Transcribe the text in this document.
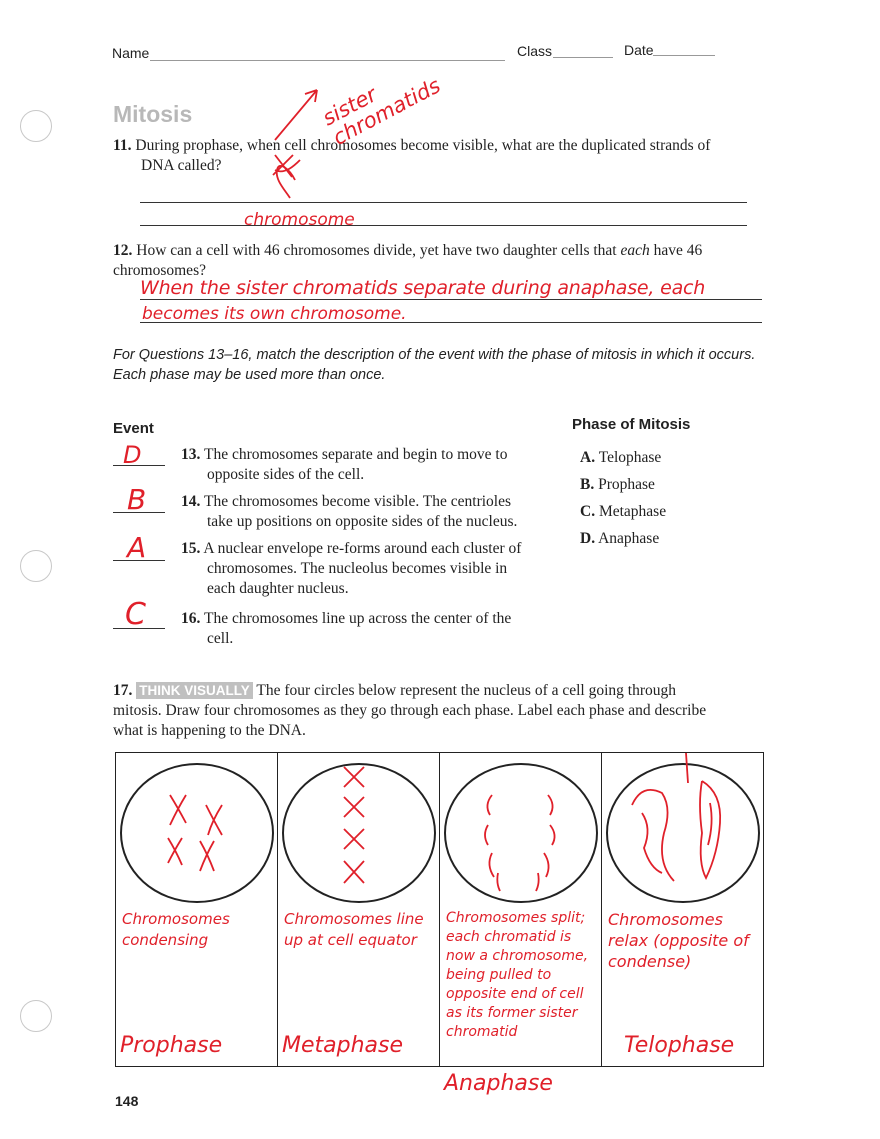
Name	Class	Date
Mitosis
11. During prophase, when cell chromosomes become visible, what are the duplicated strands of
DNA called?
sister chromatids
chromosome
12. How can a cell with 46 chromosomes divide, yet have two daughter cells that each have 46
chromosomes?
When the sister chromatids separate during anaphase, each
becomes its own chromosome.
For Questions 13–16, match the description of the event with the phase of mitosis in which it occurs. Each phase may be used more than once.
Event	Phase of Mitosis
D	13. The chromosomes separate and begin to move to
opposite sides of the cell.
B 14. The chromosomes become visible. The centrioles
take up positions on opposite sides of the nucleus.
A 15. A nuclear envelope re-forms around each cluster of
chromosomes. The nucleolus becomes visible in
each daughter nucleus.
C 16. The chromosomes line up across the center of the
cell.
A. Telophase
B. Prophase
C. Metaphase
D. Anaphase
17. THINK VISUALLY The four circles below represent the nucleus of a cell going through
mitosis. Draw four chromosomes as they go through each phase. Label each phase and describe
what is happening to the DNA.
Chromosomes condensing
Prophase

Chromosomes line up at cell equator
Metaphase

Chromosomes split; each chromatid is now a chromosome, being pulled to opposite end of cell as its former sister chromatid
Anaphase

Chromosomes relax (opposite of condense)
Telophase
148
